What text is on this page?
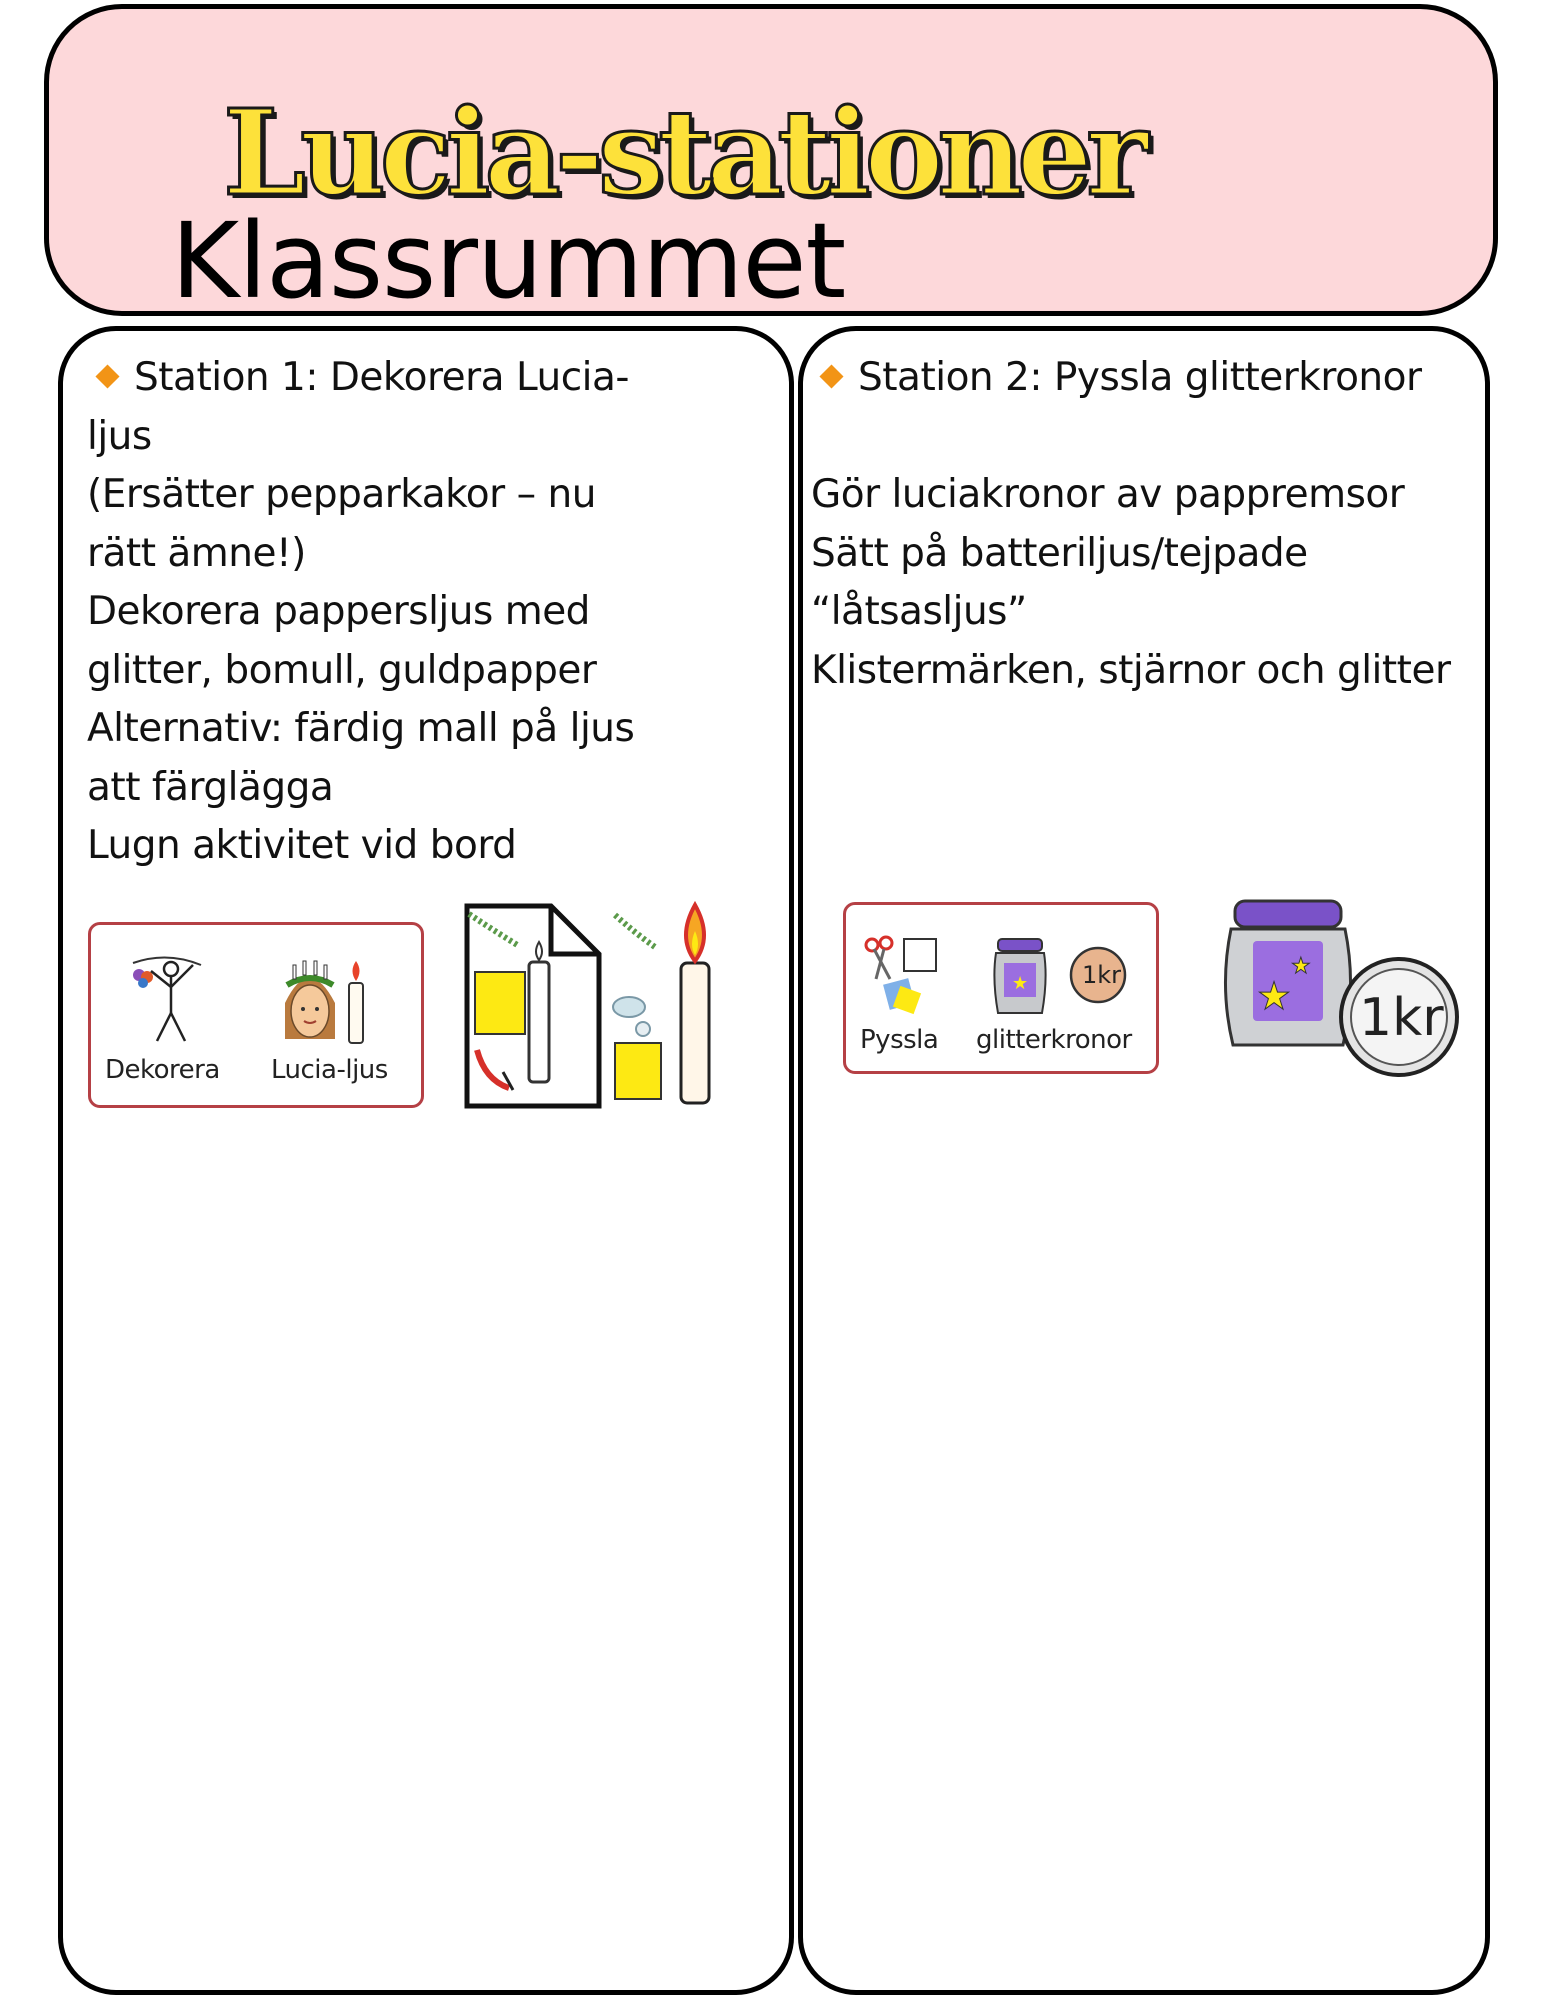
Lucia-stationer
Klassrummet
Station 1: Dekorera Lucia-
ljus
(Ersätter pepparkakor – nu
rätt ämne!)
Dekorera pappersljus med
glitter, bomull, guldpapper
Alternativ: färdig mall på ljus
att färglägga
Lugn aktivitet vid bord
Dekorera Lucia-ljus
Station 2: Pyssla glitterkronor

Gör luciakronor av pappremsor
Sätt på batteriljus/tejpade
“låtsasljus”
Klistermärken, stjärnor och glitter
★ 1kr
Pyssla glitterkronor
★
★
1kr
